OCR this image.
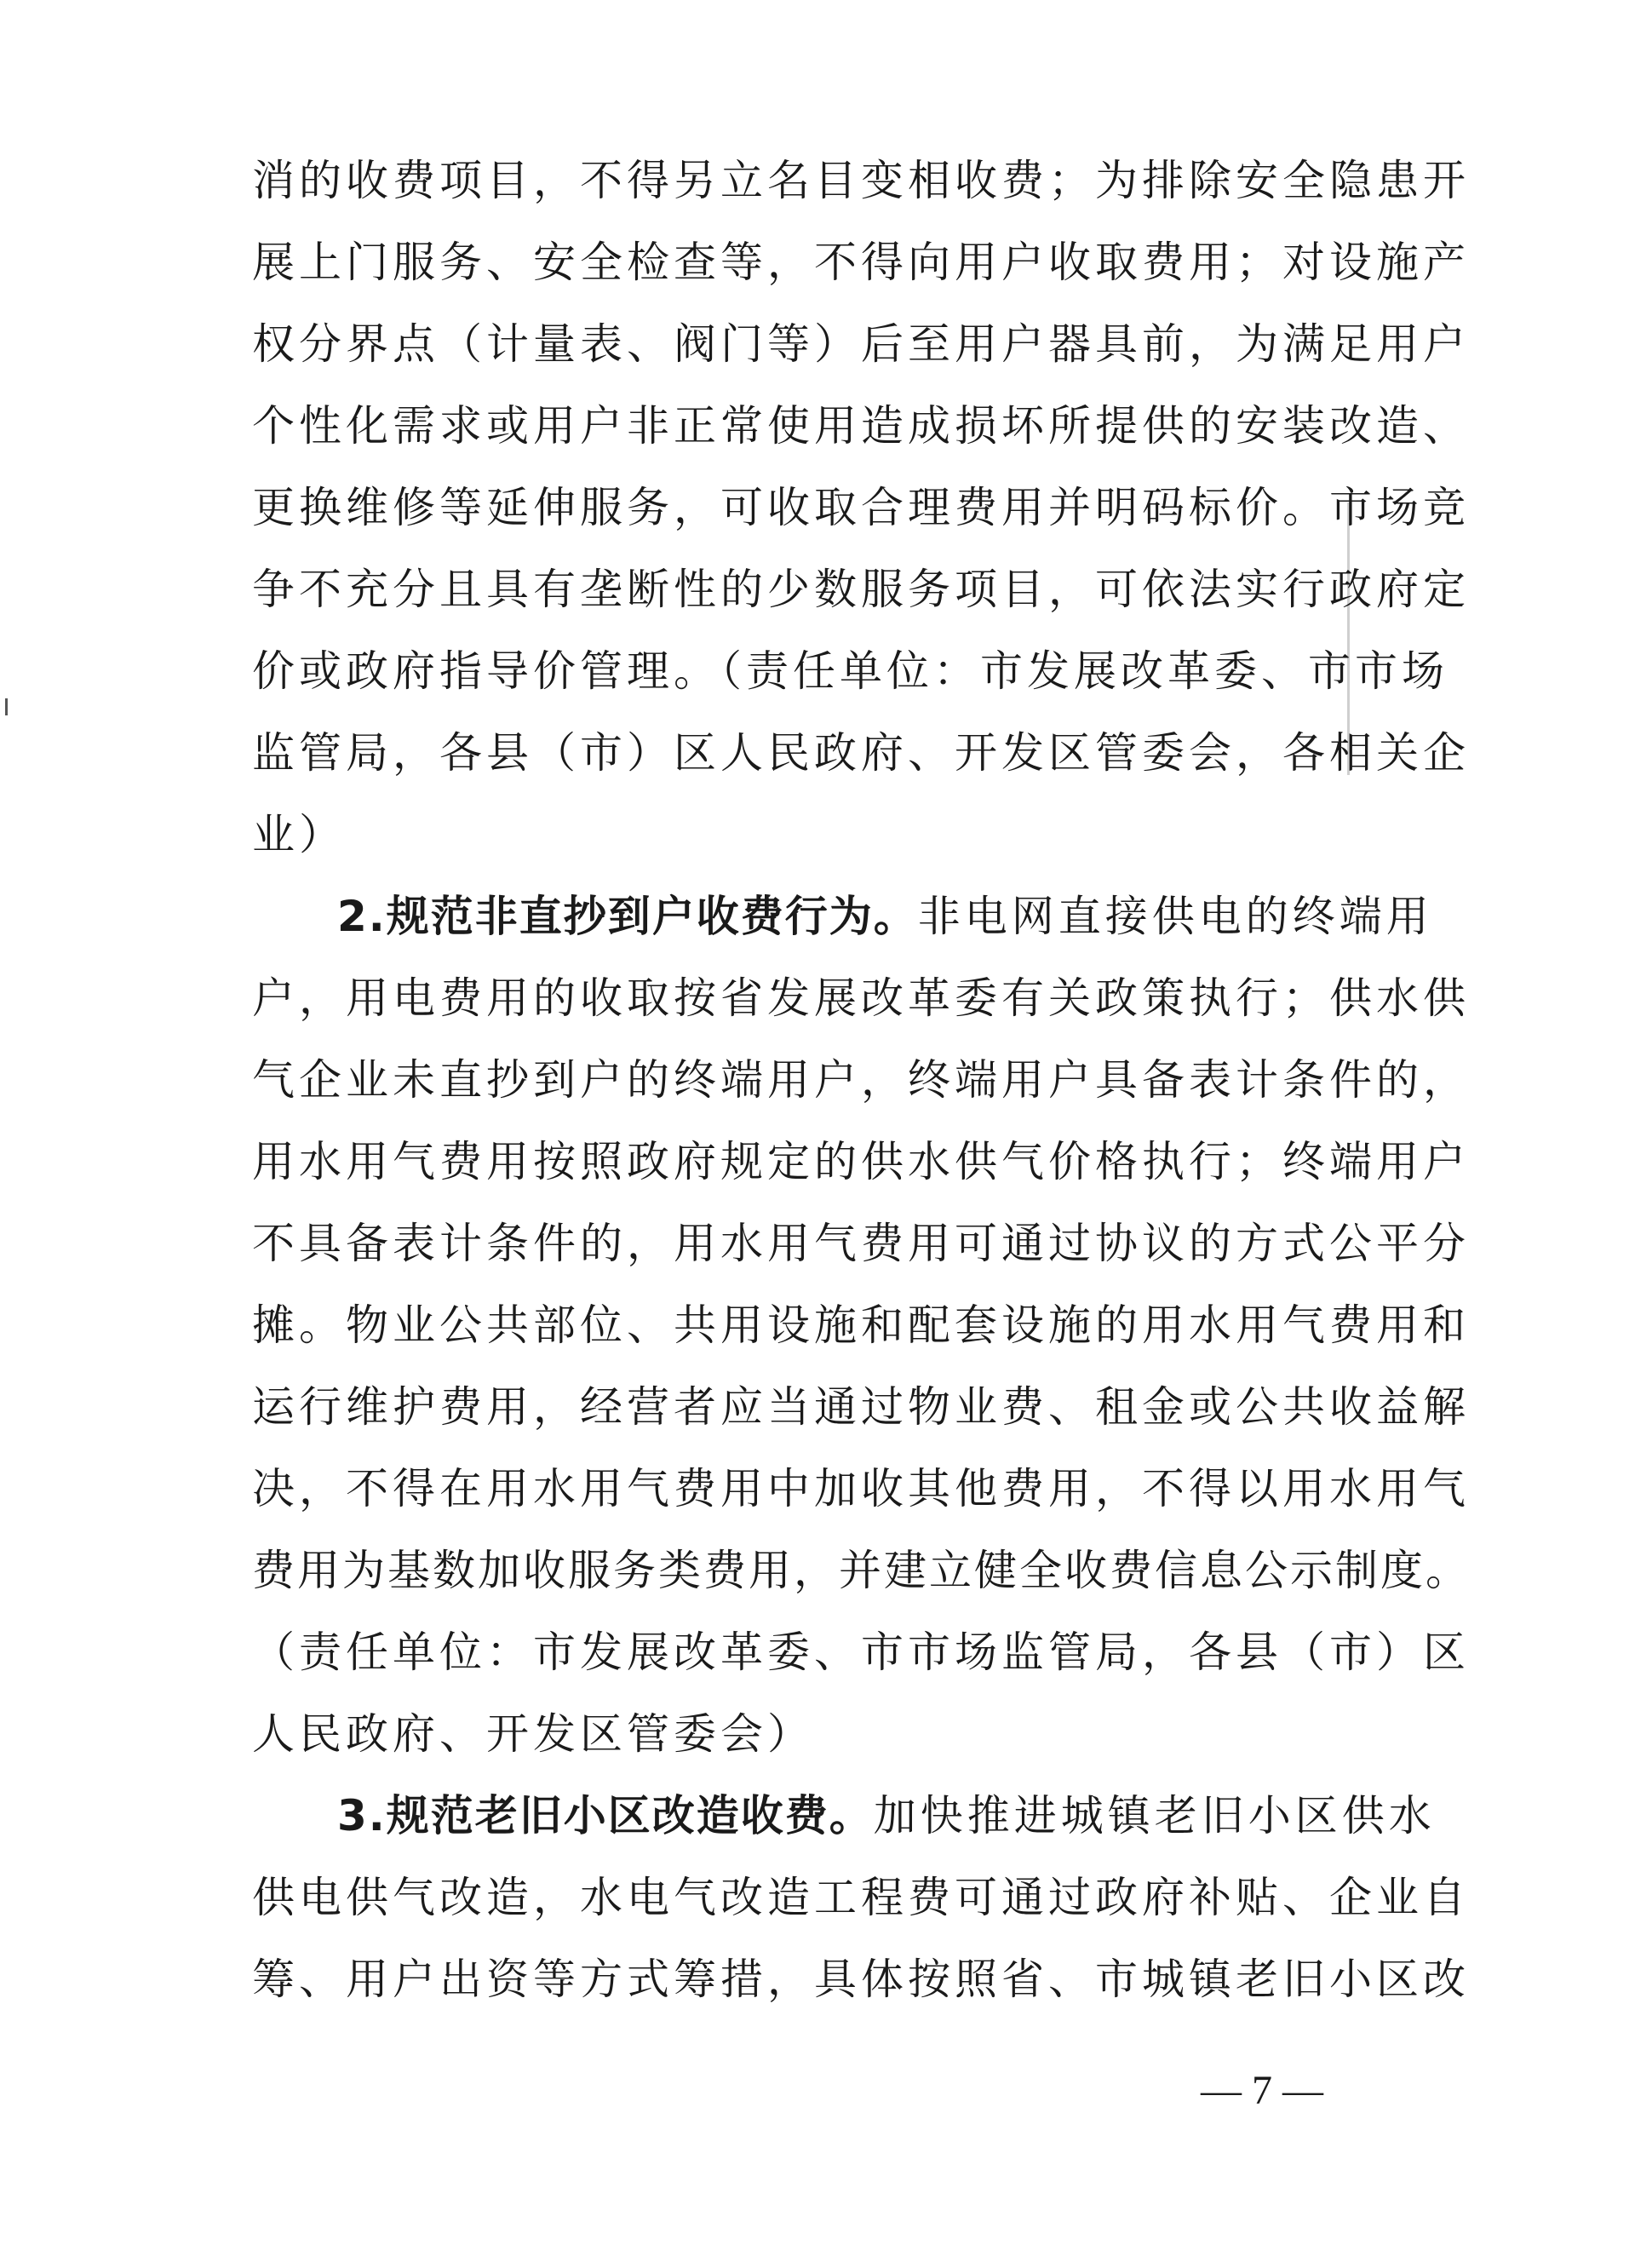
消的收费项目，不得另立名目变相收费；为排除安全隐患开
展上门服务、安全检查等，不得向用户收取费用；对设施产
权分界点（计量表、阀门等）后至用户器具前，为满足用户
个性化需求或用户非正常使用造成损坏所提供的安装改造、
更换维修等延伸服务，可收取合理费用并明码标价。市场竞
争不充分且具有垄断性的少数服务项目，可依法实行政府定
价或政府指导价管理。（责任单位：市发展改革委、市市场
监管局，各县（市）区人民政府、开发区管委会，各相关企
业）
2.规范非直抄到户收费行为。非电网直接供电的终端用
户，用电费用的收取按省发展改革委有关政策执行；供水供
气企业未直抄到户的终端用户，终端用户具备表计条件的，
用水用气费用按照政府规定的供水供气价格执行；终端用户
不具备表计条件的，用水用气费用可通过协议的方式公平分
摊。物业公共部位、共用设施和配套设施的用水用气费用和
运行维护费用，经营者应当通过物业费、租金或公共收益解
决，不得在用水用气费用中加收其他费用，不得以用水用气
费用为基数加收服务类费用，并建立健全收费信息公示制度。
（责任单位：市发展改革委、市市场监管局，各县（市）区
人民政府、开发区管委会）
3.规范老旧小区改造收费。加快推进城镇老旧小区供水
供电供气改造，水电气改造工程费可通过政府补贴、企业自
筹、用户出资等方式筹措，具体按照省、市城镇老旧小区改
— 7 —
